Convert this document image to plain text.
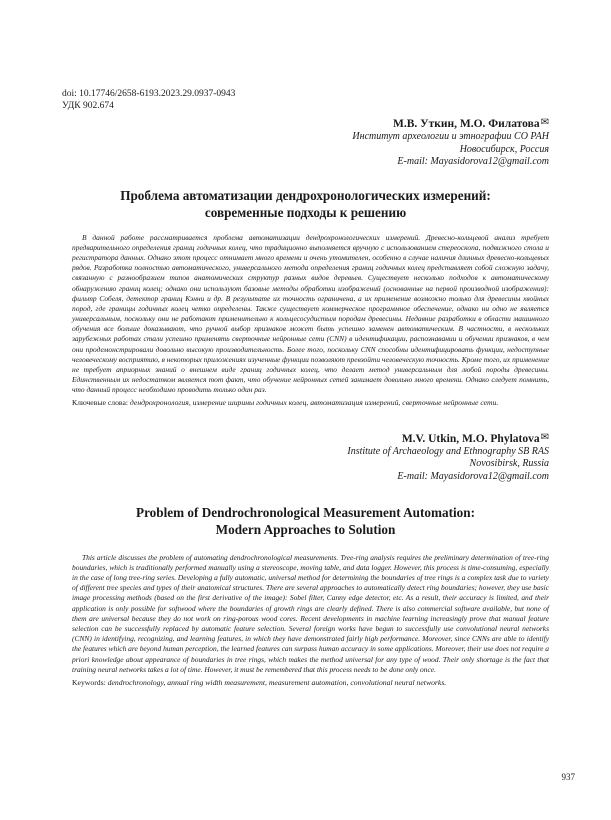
doi: 10.17746/2658-6193.2023.29.0937-0943
УДК 902.674
М.В. Уткин, М.О. Филатова✉
Институт археологии и этнографии СО РАН
Новосибирск, Россия
E-mail: Mayasidorova12@gmail.com
Проблема автоматизации дендрохронологических измерений:
современные подходы к решению

В данной работе рассматривается проблема автоматизации дендрохронологических измерений. Древесно-кольцевой анализ требует предварительного определения границ годичных колец, что традиционно выполняется вручную с использованием стереоскопа, подвижного стола и регистратора данных. Однако этот процесс отнимает много времени и очень утомителен, особенно в случае наличия длинных древесно-кольцевых рядов. Разработка полностью автоматического, универсального метода определения границ годичных колец представляет собой сложную задачу, связанную с разнообразием типов анатомических структур разных видов деревьев. Существует несколько подходов к автоматическому обнаружению границ колец; однако они используют базовые методы обработки изображений (основанные на первой производной изображения): фильтр Собеля, детектор границ Кэнни и др. В результате их точность ограничена, а их применение возможно только для древесины хвойных пород, где границы годичных колец четко определены. Также существует коммерческое программное обеспечение, однако ни одно не является универсальным, поскольку они не работают применительно к кольцесосудистым породам древесины. Недавние разработки в области машинного обучения все больше доказывают, что ручной выбор признаков может быть успешно заменен автоматическим. В частности, в нескольких зарубежных работах стали успешно применять сверточные нейронные сети (CNN) в идентификации, распознавании и обучении признаков, в чем они продемонстрировали довольно высокую производительность. Более того, поскольку CNN способны идентифицировать функции, недоступные человеческому восприятию, в некоторых приложениях изученные функции позволяют превзойти человеческую точность. Кроме того, их применение не требует априорных знаний о внешнем виде границ годичных колец, что делает метод универсальным для любой породы древесины. Единственным их недостатком является тот факт, что обучение нейронных сетей занимает довольно много времени. Однако следует помнить, что данный процесс необходимо проводить только один раз.

Ключевые слова: дендрохронология, измерение ширины годичных колец, автоматизация измерений, сверточные нейронные сети.
M.V. Utkin, M.O. Phylatova✉
Institute of Archaeology and Ethnography SB RAS
Novosibirsk, Russia
E-mail: Mayasidorova12@gmail.com
Problem of Dendrochronological Measurement Automation:
Modern Approaches to Solution

This article discusses the problem of automating dendrochronological measurements. Tree-ring analysis requires the preliminary determination of tree-ring boundaries, which is traditionally performed manually using a stereoscope, moving table, and data logger. However, this process is time-consuming, especially in the case of long tree-ring series. Developing a fully automatic, universal method for determining the boundaries of tree rings is a complex task due to variety of different tree species and types of their anatomical structures. There are several approaches to automatically detect ring boundaries; however, they use basic image processing methods (based on the first derivative of the image): Sobel filter, Canny edge detector, etc. As a result, their accuracy is limited, and their application is only possible for softwood where the boundaries of growth rings are clearly defined. There is also commercial software available, but none of them are universal because they do not work on ring-porous wood cores. Recent developments in machine learning increasingly prove that manual feature selection can be successfully replaced by automatic feature selection. Several foreign works have begun to successfully use convolutional neural networks (CNN) in identifying, recognizing, and learning features, in which they have demonstrated fairly high performance. Moreover, since CNNs are able to identify the features which are beyond human perception, the learned features can surpass human accuracy in some applications. Moreover, their use does not require a priori knowledge about appearance of boundaries in tree rings, which makes the method universal for any type of wood. Their only shortage is the fact that training neural networks takes a lot of time. However, it must be remembered that this process needs to be done only once.

Keywords: dendrochronology, annual ring width measurement, measurement automation, convolutional neural networks.
937
